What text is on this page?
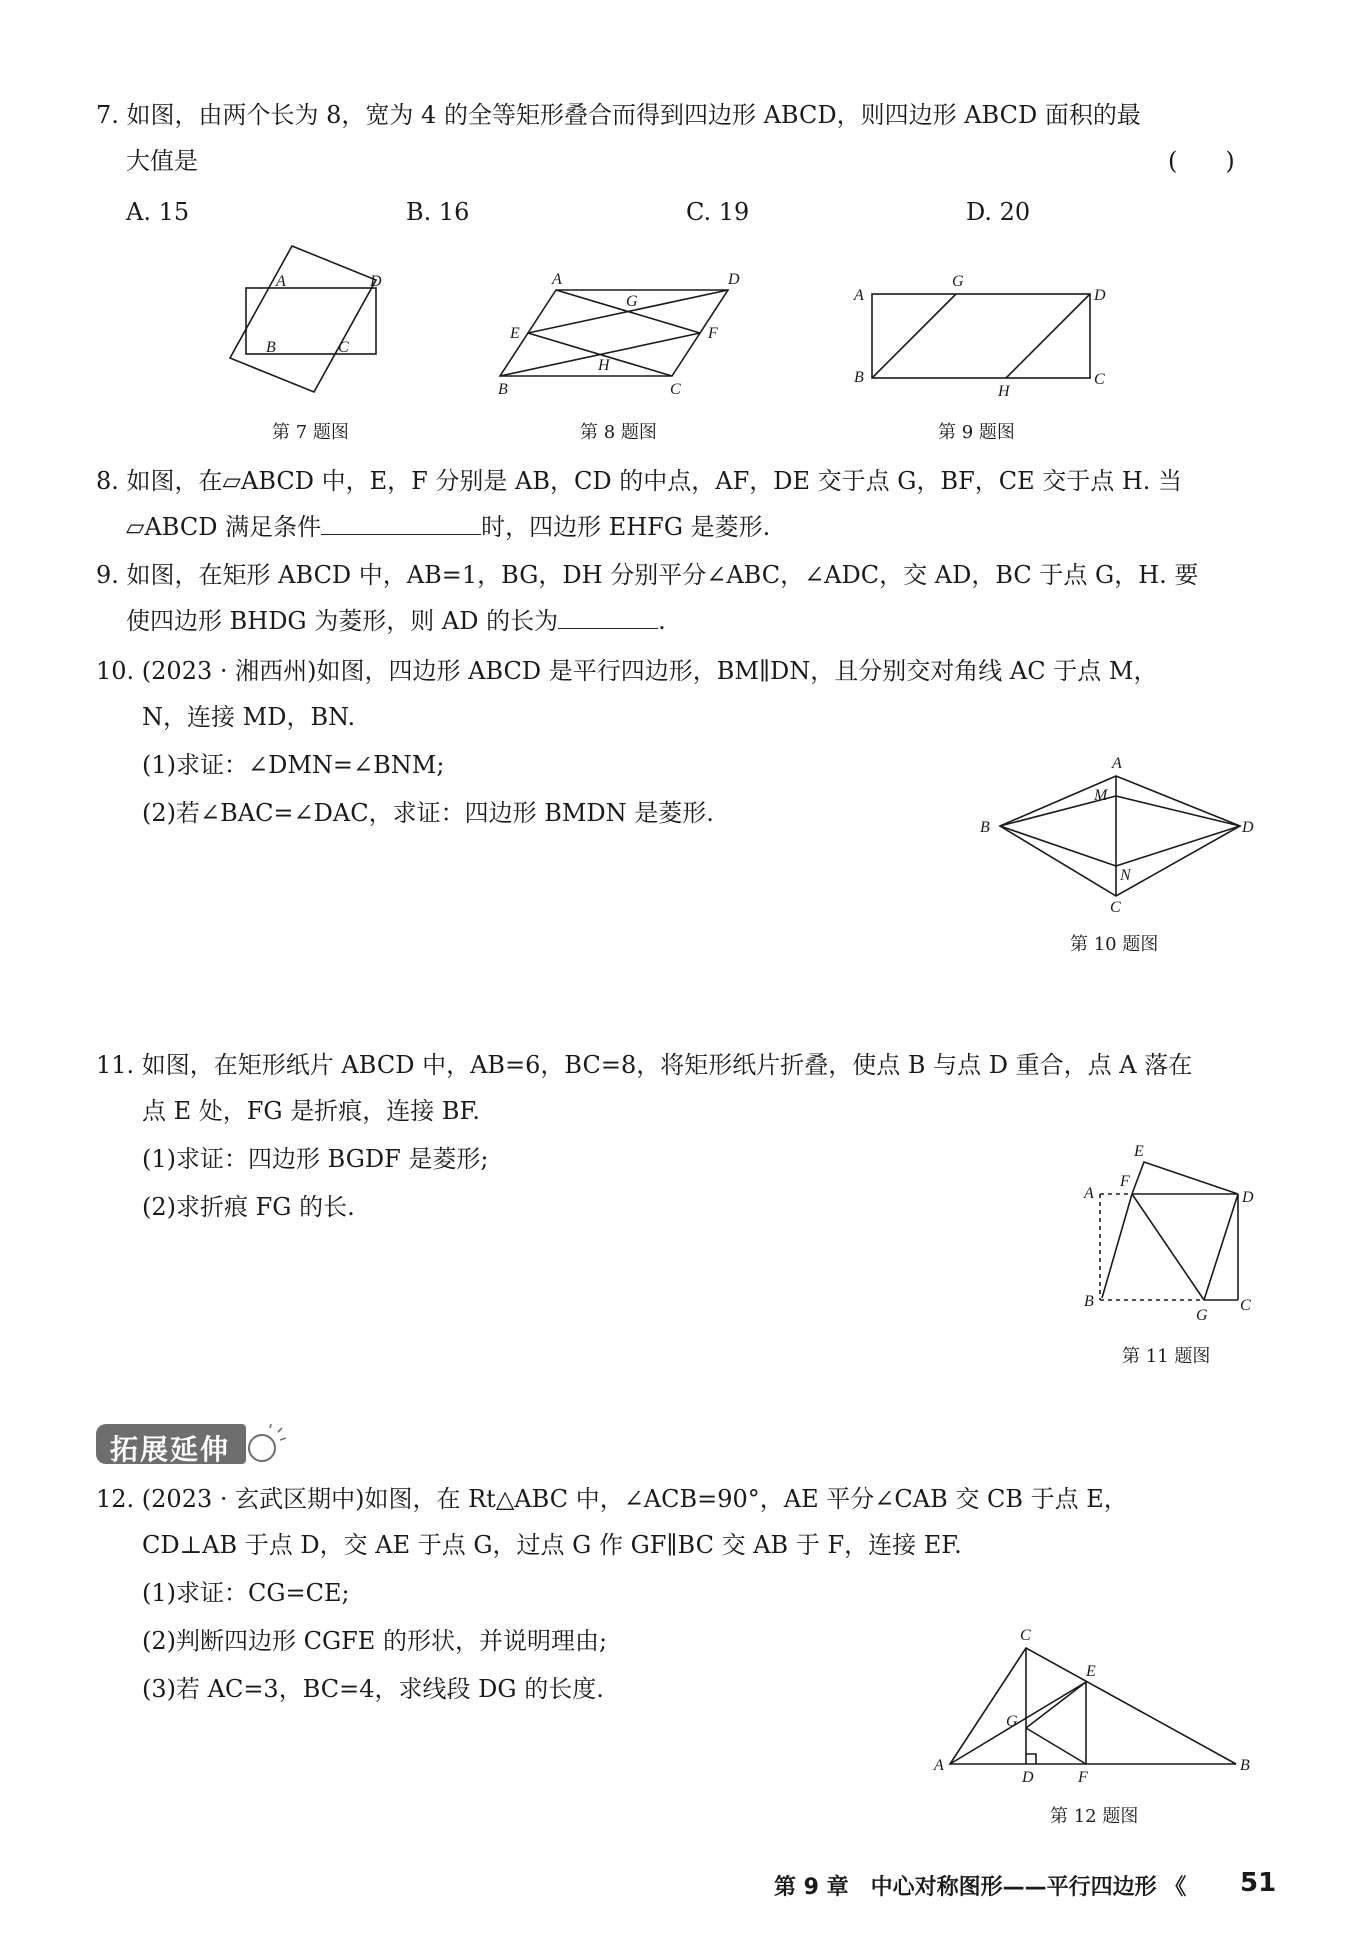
7. 如图，由两个长为 8，宽为 4 的全等矩形叠合而得到四边形 ABCD，则四边形 ABCD 面积的最
大值是	(　　)
A. 15	B. 16	C. 19	D. 20
A	D
B	C
第 7 题图
A	D
G
E	F
H
B	C
第 8 题图
A
G
D
B
H
C
第 9 题图
8. 如图，在▱ABCD 中，E，F 分别是 AB，CD 的中点，AF，DE 交于点 G，BF，CE 交于点 H. 当
▱ABCD 满足条件	时，四边形 EHFG 是菱形.
9. 如图，在矩形 ABCD 中，AB=1，BG，DH 分别平分∠ABC，∠ADC，交 AD，BC 于点 G，H. 要
使四边形 BHDG 为菱形，则 AD 的长为	.
10. (2023 · 湘西州)如图，四边形 ABCD 是平行四边形，BM∥DN，且分别交对角线 AC 于点 M，
N，连接 MD，BN.
(1)求证：∠DMN=∠BNM;
(2)若∠BAC=∠DAC，求证：四边形 BMDN 是菱形.
A
M
B	D
N
C
第 10 题图
11. 如图，在矩形纸片 ABCD 中，AB=6，BC=8，将矩形纸片折叠，使点 B 与点 D 重合，点 A 落在
点 E 处，FG 是折痕，连接 BF.
(1)求证：四边形 BGDF 是菱形;
(2)求折痕 FG 的长.
E
F
A	D
B
G
C
第 11 题图
拓展延伸
12. (2023 · 玄武区期中)如图，在 Rt△ABC 中，∠ACB=90°，AE 平分∠CAB 交 CB 于点 E，
CD⊥AB 于点 D，交 AE 于点 G，过点 G 作 GF∥BC 交 AB 于 F，连接 EF.
(1)求证：CG=CE;
(2)判断四边形 CGFE 的形状，并说明理由;
(3)若 AC=3，BC=4，求线段 DG 的长度.
C
E
G
A
D	F
B
第 12 题图
第 9 章　中心对称图形——平行四边形 《 51
